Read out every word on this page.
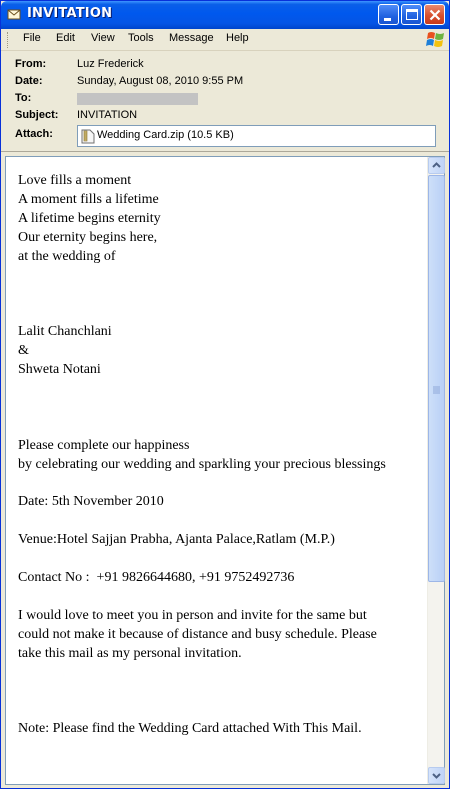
INVITATION
File Edit View Tools Message Help
From:	Luz Frederick
Date:	Sunday, August 08, 2010 9:55 PM
To:
Subject: INVITATION
Attach:	Wedding Card.zip (10.5 KB)
Love fills a moment
A moment fills a lifetime
A lifetime begins eternity
Our eternity begins here,
at the wedding of

Lalit Chanchlani
&
Shweta Notani

Please complete our happiness
by celebrating our wedding and sparkling your precious blessings

Date: 5th November 2010

Venue:Hotel Sajjan Prabha, Ajanta Palace,Ratlam (M.P.)

Contact No :  +91 9826644680, +91 9752492736

I would love to meet you in person and invite for the same but
could not make it because of distance and busy schedule. Please
take this mail as my personal invitation.

Note: Please find the Wedding Card attached With This Mail.
